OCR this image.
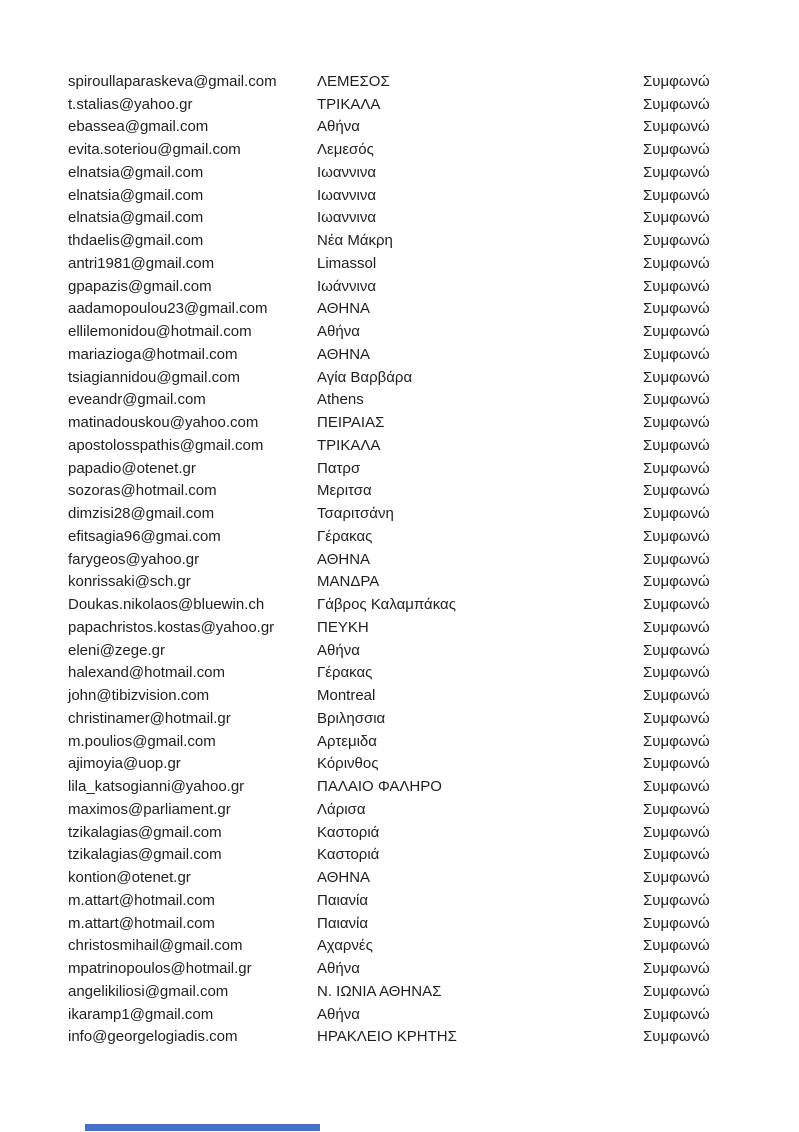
spiroullaparaskeva@gmail.com	ΛΕΜΕΣΟΣ	Συμφωνώ
t.stalias@yahoo.gr	ΤΡΙΚΑΛΑ	Συμφωνώ
ebassea@gmail.com	Αθήνα	Συμφωνώ
evita.soteriou@gmail.com	Λεμεσός	Συμφωνώ
elnatsia@gmail.com	Ιωαννινα	Συμφωνώ
elnatsia@gmail.com	Ιωαννινα	Συμφωνώ
elnatsia@gmail.com	Ιωαννινα	Συμφωνώ
thdaelis@gmail.com	Νέα Μάκρη	Συμφωνώ
antri1981@gmail.com	Limassol	Συμφωνώ
gpapazis@gmail.com	Ιωάννινα	Συμφωνώ
aadamopoulou23@gmail.com	ΑΘΗΝΑ	Συμφωνώ
ellilemonidou@hotmail.com	Αθήνα	Συμφωνώ
mariazioga@hotmail.com	ΑΘΗΝΑ	Συμφωνώ
tsiagiannidou@gmail.com	Αγία Βαρβάρα	Συμφωνώ
eveandr@gmail.com	Athens	Συμφωνώ
matinadouskou@yahoo.com	ΠΕΙΡΑΙΑΣ	Συμφωνώ
apostolosspathis@gmail.com	ΤΡΙΚΑΛΑ	Συμφωνώ
papadio@otenet.gr	Πατρσ	Συμφωνώ
sozoras@hotmail.com	Μεριτσα	Συμφωνώ
dimzisi28@gmail.com	Τσαριτσάνη	Συμφωνώ
efitsagia96@gmai.com	Γέρακας	Συμφωνώ
farygeos@yahoo.gr	ΑΘΗΝΑ	Συμφωνώ
konrissaki@sch.gr	ΜΑΝΔΡΑ	Συμφωνώ
Doukas.nikolaos@bluewin.ch	Γάβρος Καλαμπάκας	Συμφωνώ
papachristos.kostas@yahoo.gr	ΠΕΥΚΗ	Συμφωνώ
eleni@zege.gr	Αθήνα	Συμφωνώ
halexand@hotmail.com	Γέρακας	Συμφωνώ
john@tibizvision.com	Montreal	Συμφωνώ
christinamer@hotmail.gr	Βριλησσια	Συμφωνώ
m.poulios@gmail.com	Αρτεμιδα	Συμφωνώ
ajimoyia@uop.gr	Κόρινθος	Συμφωνώ
lila_katsogianni@yahoo.gr	ΠΑΛΑΙΟ ΦΑΛΗΡΟ	Συμφωνώ
maximos@parliament.gr	Λάρισα	Συμφωνώ
tzikalagias@gmail.com	Καστοριά	Συμφωνώ
tzikalagias@gmail.com	Καστοριά	Συμφωνώ
kontion@otenet.gr	ΑΘΗΝΑ	Συμφωνώ
m.attart@hotmail.com	Παιανία	Συμφωνώ
m.attart@hotmail.com	Παιανία	Συμφωνώ
christosmihail@gmail.com	Αχαρνές	Συμφωνώ
mpatrinopoulos@hotmail.gr	Αθήνα	Συμφωνώ
angelikiliosi@gmail.com	Ν. ΙΩΝΙΑ ΑΘΗΝΑΣ	Συμφωνώ
ikaramp1@gmail.com	Αθήνα	Συμφωνώ
info@georgelogiadis.com	ΗΡΑΚΛΕΙΟ ΚΡΗΤΗΣ	Συμφωνώ
